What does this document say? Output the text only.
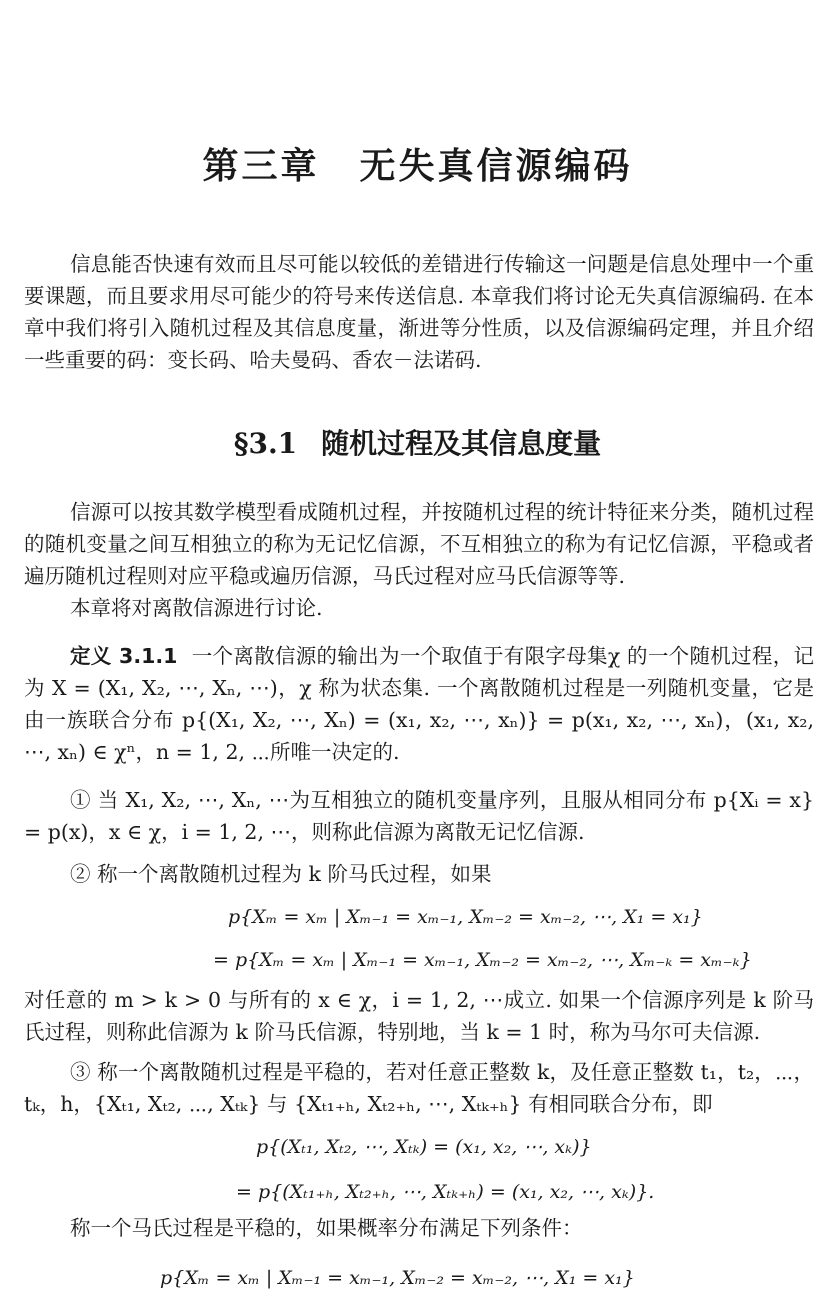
第三章 无失真信源编码

信息能否快速有效而且尽可能以较低的差错进行传输这一问题是信息处理中一个重要课题，而且要求用尽可能少的符号来传送信息. 本章我们将讨论无失真信源编码. 在本章中我们将引入随机过程及其信息度量，渐进等分性质，以及信源编码定理，并且介绍一些重要的码：变长码、哈夫曼码、香农－法诺码.

§3.1 随机过程及其信息度量

信源可以按其数学模型看成随机过程，并按随机过程的统计特征来分类，随机过程的随机变量之间互相独立的称为无记忆信源，不互相独立的称为有记忆信源，平稳或者遍历随机过程则对应平稳或遍历信源，马氏过程对应马氏信源等等.

本章将对离散信源进行讨论.

定义 3.1.1 一个离散信源的输出为一个取值于有限字母集χ 的一个随机过程，记为 X = (X₁, X₂, ⋯, Xₙ, ⋯)，χ 称为状态集. 一个离散随机过程是一列随机变量，它是由一族联合分布 p{(X₁, X₂, ⋯, Xₙ) = (x₁, x₂, ⋯, xₙ)} = p(x₁, x₂, ⋯, xₙ)，(x₁, x₂, ⋯, xₙ) ∈ χⁿ，n = 1, 2, ⋯所唯一决定的.

① 当 X₁, X₂, ⋯, Xₙ, ⋯为互相独立的随机变量序列，且服从相同分布 p{Xᵢ = x} = p(x)，x ∈ χ，i = 1, 2, ⋯，则称此信源为离散无记忆信源.

② 称一个离散随机过程为 k 阶马氏过程，如果

p{Xₘ = xₘ | Xₘ₋₁ = xₘ₋₁, Xₘ₋₂ = xₘ₋₂, ⋯, X₁ = x₁}

= p{Xₘ = xₘ | Xₘ₋₁ = xₘ₋₁, Xₘ₋₂ = xₘ₋₂, ⋯, Xₘ₋ₖ = xₘ₋ₖ}

对任意的 m > k > 0 与所有的 x ∈ χ，i = 1, 2, ⋯成立. 如果一个信源序列是 k 阶马氏过程，则称此信源为 k 阶马氏信源，特别地，当 k = 1 时，称为马尔可夫信源.

③ 称一个离散随机过程是平稳的，若对任意正整数 k，及任意正整数 t₁，t₂，⋯，tₖ，h，{Xₜ₁, Xₜ₂, ⋯, Xₜₖ} 与 {Xₜ₁₊ₕ, Xₜ₂₊ₕ, ⋯, Xₜₖ₊ₕ} 有相同联合分布，即

p{(Xₜ₁, Xₜ₂, ⋯, Xₜₖ) = (x₁, x₂, ⋯, xₖ)}

= p{(Xₜ₁₊ₕ, Xₜ₂₊ₕ, ⋯, Xₜₖ₊ₕ) = (x₁, x₂, ⋯, xₖ)}.

称一个马氏过程是平稳的，如果概率分布满足下列条件：

p{Xₘ = xₘ | Xₘ₋₁ = xₘ₋₁, Xₘ₋₂ = xₘ₋₂, ⋯, X₁ = x₁}
